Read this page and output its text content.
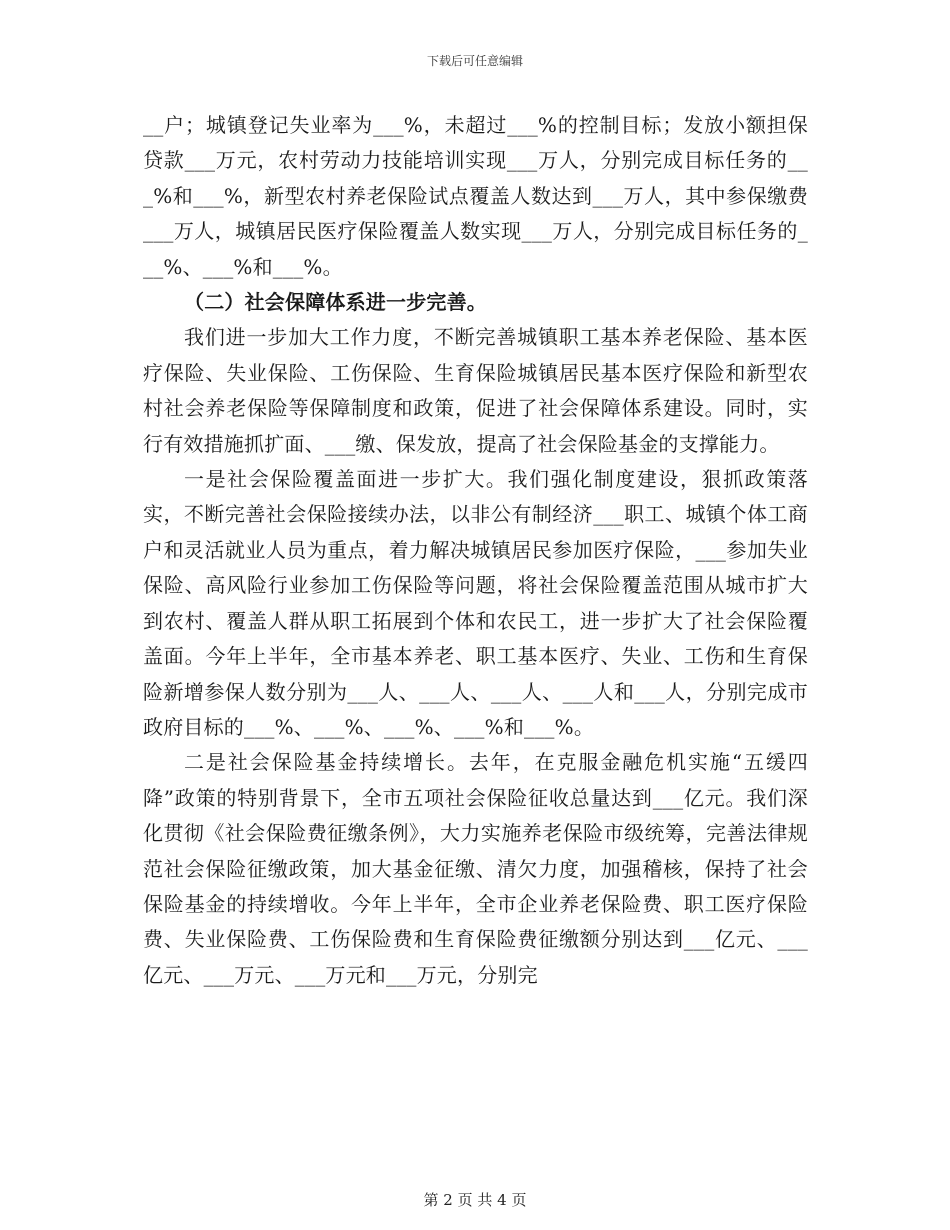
下载后可任意编辑

__户；城镇登记失业率为___%，未超过___%的控制目标；发放小额担保贷款___万元，农村劳动力技能培训实现___万人，分别完成目标任务的___%和___%，新型农村养老保险试点覆盖人数达到___万人，其中参保缴费___万人，城镇居民医疗保险覆盖人数实现___万人，分别完成目标任务的___%、___%和___%。

（二）社会保障体系进一步完善。

我们进一步加大工作力度，不断完善城镇职工基本养老保险、基本医疗保险、失业保险、工伤保险、生育保险城镇居民基本医疗保险和新型农村社会养老保险等保障制度和政策，促进了社会保障体系建设。同时，实行有效措施抓扩面、___缴、保发放，提高了社会保险基金的支撑能力。

一是社会保险覆盖面进一步扩大。我们强化制度建设，狠抓政策落实，不断完善社会保险接续办法，以非公有制经济___职工、城镇个体工商户和灵活就业人员为重点，着力解决城镇居民参加医疗保险，___参加失业保险、高风险行业参加工伤保险等问题，将社会保险覆盖范围从城市扩大到农村、覆盖人群从职工拓展到个体和农民工，进一步扩大了社会保险覆盖面。今年上半年，全市基本养老、职工基本医疗、失业、工伤和生育保险新增参保人数分别为___人、___人、___人、___人和___人，分别完成市政府目标的___%、___%、___%、___%和___%。

二是社会保险基金持续增长。去年，在克服金融危机实施“五缓四降”政策的特别背景下，全市五项社会保险征收总量达到___亿元。我们深化贯彻《社会保险费征缴条例》，大力实施养老保险市级统筹，完善法律规范社会保险征缴政策，加大基金征缴、清欠力度，加强稽核，保持了社会保险基金的持续增收。今年上半年，全市企业养老保险费、职工医疗保险费、失业保险费、工伤保险费和生育保险费征缴额分别达到___亿元、___亿元、___万元、___万元和___万元，分别完

第 2 页 共 4 页
